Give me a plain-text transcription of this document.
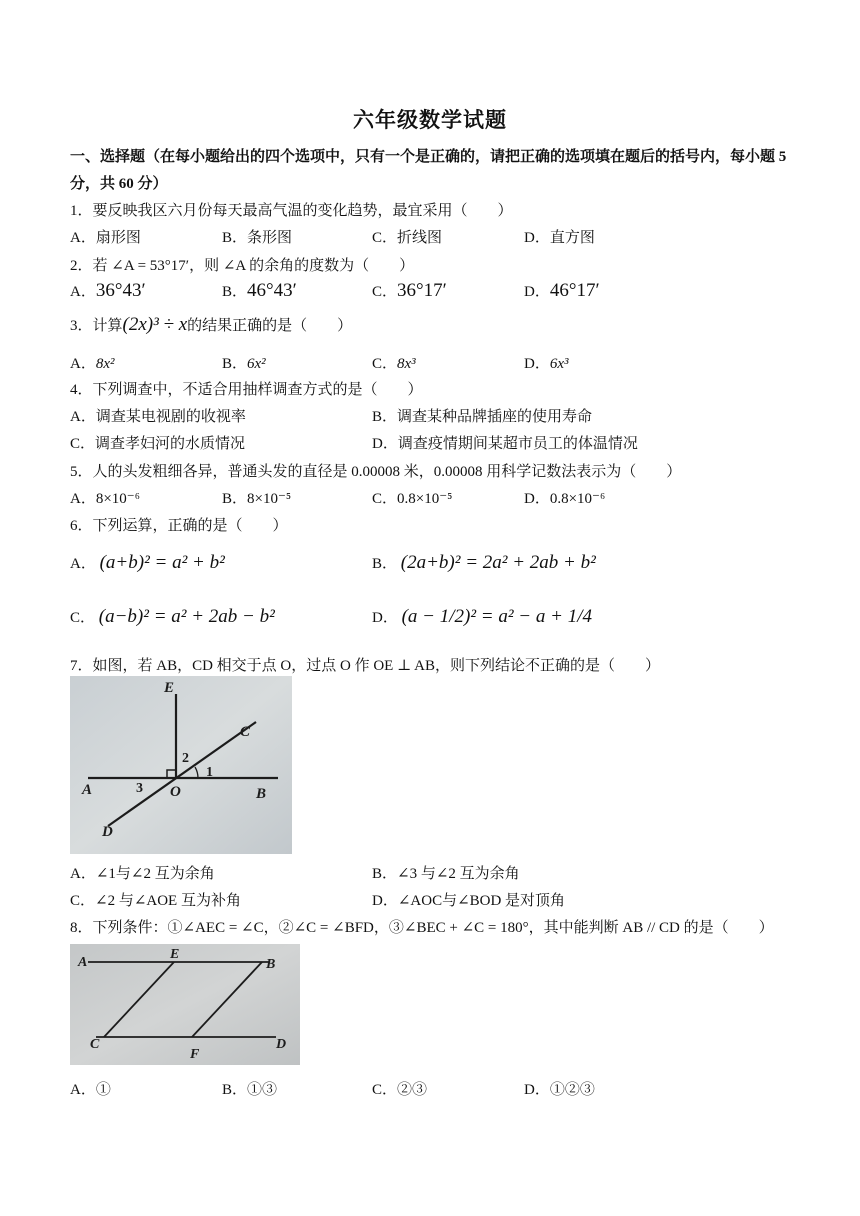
六年级数学试题
一、选择题（在每小题给出的四个选项中，只有一个是正确的，请把正确的选项填在题后的括号内，每小题 5
分，共 60 分）
1．要反映我区六月份每天最高气温的变化趋势，最宜采用（　　）
A．扇形图	B．条形图	C．折线图	D．直方图
2．若 ∠A = 53°17′，则 ∠A 的余角的度数为（　　）
A．36°43′	B．46°43′	C．36°17′	D．46°17′
3．计算(2x)³ ÷ x的结果正确的是（　　）
A．8x²	B．6x²	C．8x³	D．6x³
4．下列调查中，不适合用抽样调查方式的是（　　）
A．调查某电视剧的收视率	B．调查某种品牌插座的使用寿命
C．调查孝妇河的水质情况	D．调查疫情期间某超市员工的体温情况
5．人的头发粗细各异，普通头发的直径是 0.00008 米，0.00008 用科学记数法表示为（　　）
A．8×10⁻⁶	B．8×10⁻⁵	C．0.8×10⁻⁵	D．0.8×10⁻⁶
6．下列运算，正确的是（　　）
A． (a+b)² = a² + b²	B． (2a+b)² = 2a² + 2ab + b²
C． (a−b)² = a² + 2ab − b²	D． (a − 1/2)² = a² − a + 1/4
7．如图，若 AB，CD 相交于点 O，过点 O 作 OE ⊥ AB，则下列结论不正确的是（　　）
E
C
2
1
A	3 O	B
D
A．∠1与∠2 互为余角	B．∠3 与∠2 互为余角
C．∠2 与∠AOE 互为补角	D．∠AOC与∠BOD 是对顶角
8．下列条件：①∠AEC = ∠C，②∠C = ∠BFD，③∠BEC + ∠C = 180°，其中能判断 AB // CD 的是（　　）
A
E
B
C
F
D
A．①	B．①③	C．②③	D．①②③
